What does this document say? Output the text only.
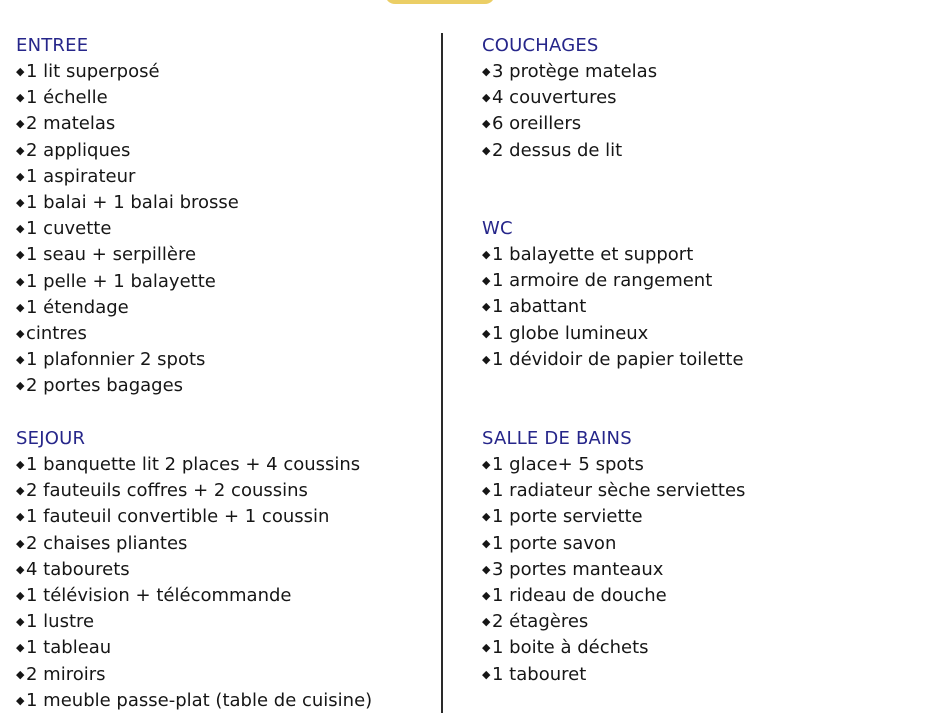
ENTREE
◆1 lit superposé
◆1 échelle
◆2 matelas
◆2 appliques
◆1 aspirateur
◆1 balai + 1 balai brosse
◆1 cuvette
◆1 seau + serpillère
◆1 pelle + 1 balayette
◆1 étendage
◆cintres
◆1 plafonnier 2 spots
◆2 portes bagages
SEJOUR
◆1 banquette lit 2 places + 4 coussins
◆2 fauteuils coffres + 2 coussins
◆1 fauteuil convertible + 1 coussin
◆2 chaises pliantes
◆4 tabourets
◆1 télévision + télécommande
◆1 lustre
◆1 tableau
◆2 miroirs
◆1 meuble passe-plat (table de cuisine)
COUCHAGES
◆3 protège matelas
◆4 couvertures
◆6 oreillers
◆2 dessus de lit
WC
◆1 balayette et support
◆1 armoire de rangement
◆1 abattant
◆1 globe lumineux
◆1 dévidoir de papier toilette
SALLE DE BAINS
◆1 glace+ 5 spots
◆1 radiateur sèche serviettes
◆1 porte serviette
◆1 porte savon
◆3 portes manteaux
◆1 rideau de douche
◆2 étagères
◆1 boite à déchets
◆1 tabouret
